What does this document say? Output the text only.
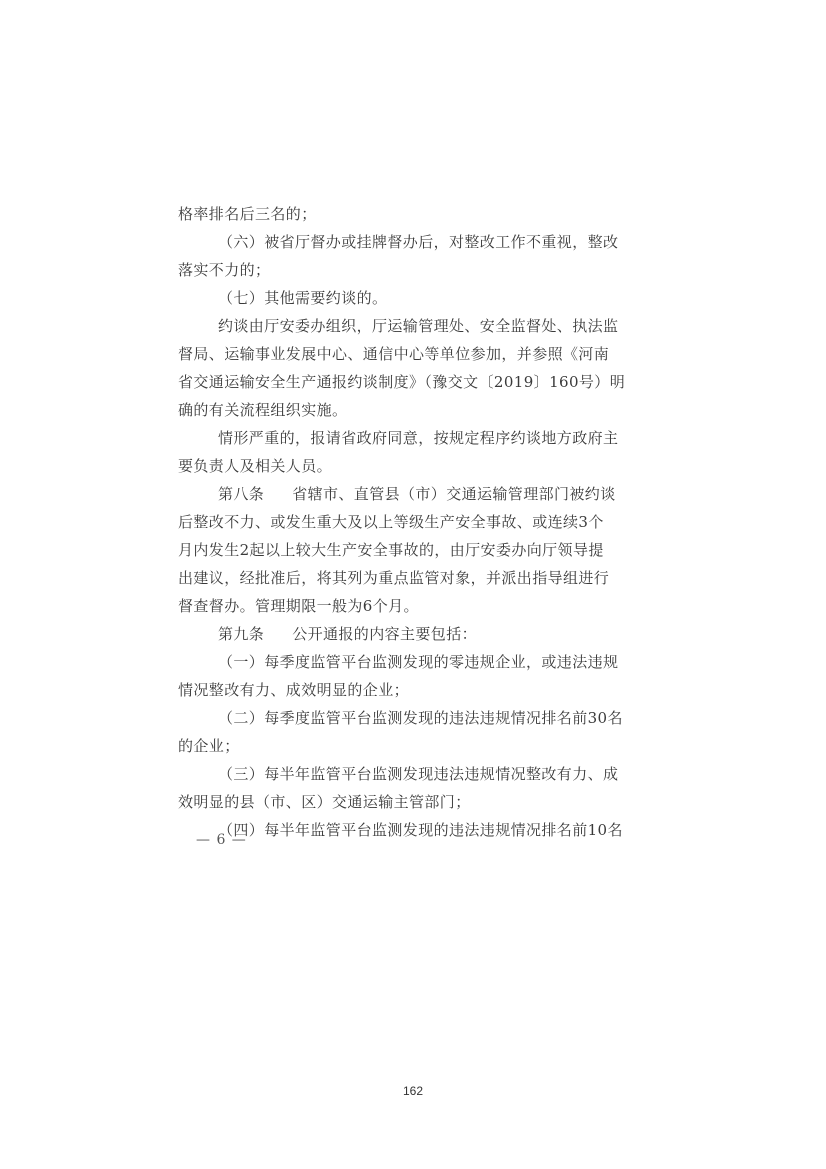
格率排名后三名的；
（六）被省厅督办或挂牌督办后，对整改工作不重视，整改
落实不力的；
（七）其他需要约谈的。
约谈由厅安委办组织，厅运输管理处、安全监督处、执法监
督局、运输事业发展中心、通信中心等单位参加，并参照《河南
省交通运输安全生产通报约谈制度》（豫交文〔2019〕160号）明
确的有关流程组织实施。
情形严重的，报请省政府同意，按规定程序约谈地方政府主
要负责人及相关人员。
第八条 省辖市、直管县（市）交通运输管理部门被约谈
后整改不力、或发生重大及以上等级生产安全事故、或连续3个
月内发生2起以上较大生产安全事故的，由厅安委办向厅领导提
出建议，经批准后，将其列为重点监管对象，并派出指导组进行
督查督办。管理期限一般为6个月。
第九条 公开通报的内容主要包括：
（一）每季度监管平台监测发现的零违规企业，或违法违规
情况整改有力、成效明显的企业；
（二）每季度监管平台监测发现的违法违规情况排名前30名
的企业；
（三）每半年监管平台监测发现违法违规情况整改有力、成
效明显的县（市、区）交通运输主管部门；
（四）每半年监管平台监测发现的违法违规情况排名前10名
— 6 —
162
